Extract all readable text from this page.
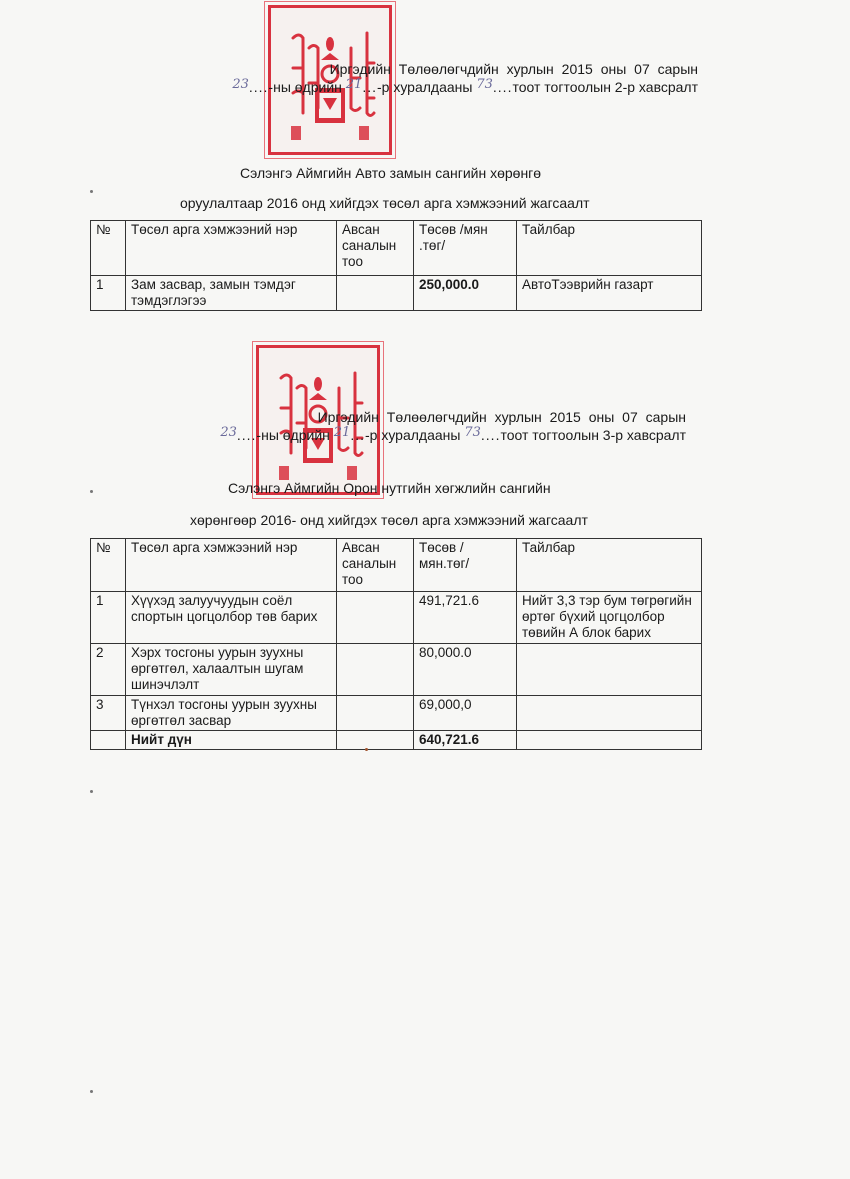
Иргэдийн Төлөөлөгчдийн хурлын 2015 оны 07 сарын
23....-ны өдрийн 21...-р хуралдааны 73....тоот тогтоолын 2-р хавсралт
Сэлэнгэ Аймгийн Авто замын сангийн хөрөнгө
оруулалтаар 2016 онд хийгдэх төсөл арга хэмжээний жагсаалт
№	Төсөл арга хэмжээний нэр	Авсан саналын тоо	Төсөв /мян .төг/	Тайлбар
1	Зам засвар, замын тэмдэг тэмдэглэгээ		250,000.0	АвтоТээврийн газарт
Иргэдийн Төлөөлөгчдийн хурлын 2015 оны 07 сарын
23....-ны өдрийн 21...-р хуралдааны 73....тоот тогтоолын 3-р хавсралт
Сэлэнгэ Аймгийн Орон нутгийн хөгжлийн сангийн
хөрөнгөөр 2016- онд хийгдэх төсөл арга хэмжээний жагсаалт
№	Төсөл арга хэмжээний нэр	Авсан саналын тоо	Төсөв /мян.төг/	Тайлбар
1	Хүүхэд залуучуудын соёл спортын цогцолбор төв барих		491,721.6	Нийт 3,3 тэр бум төгрөгийн өртөг бүхий цогцолбор төвийн А блок барих
2	Хэрх тосгоны уурын зуухны өргөтгөл, халаалтын шугам шинэчлэлт		80,000.0	
3	Түнхэл тосгоны уурын зуухны өргөтгөл засвар		69,000,0	
	Нийт дүн		640,721.6	
